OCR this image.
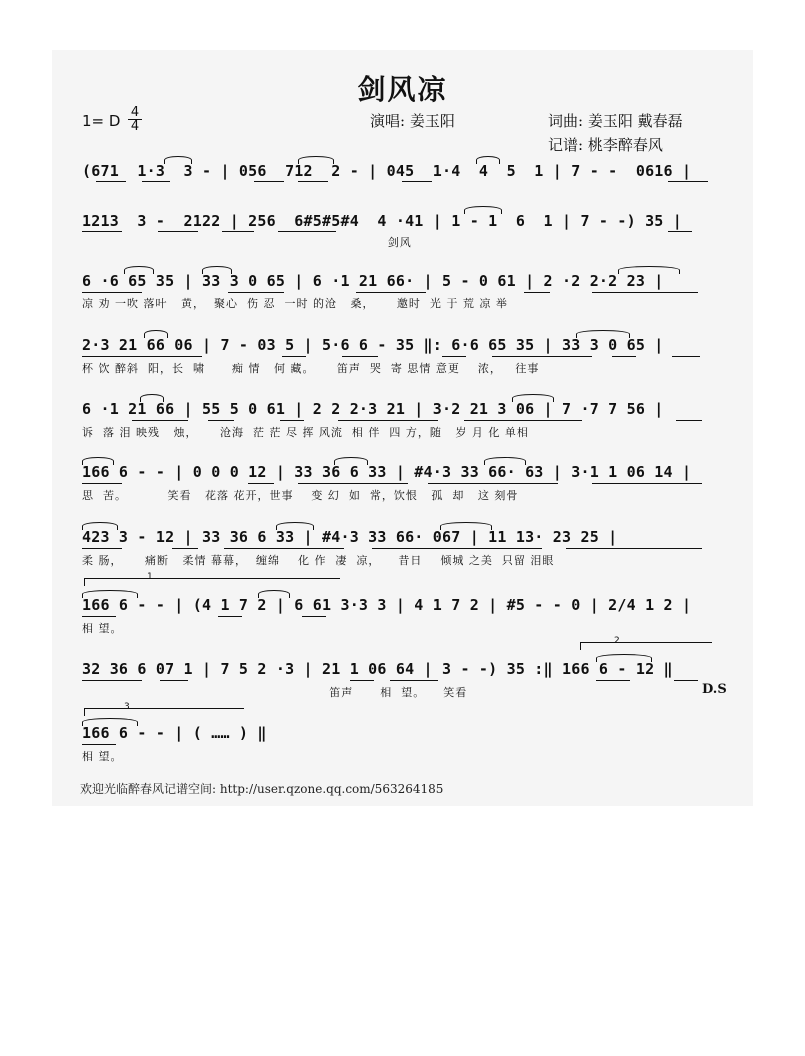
剑风凉
1= D 4
4	演唱: 姜玉阳	词曲: 姜玉阳 戴春磊
记谱: 桃李醉春风
(671  1·3  3 - | 056  712  2 - | 045  1·4  4  5  1 | 7 - -  0616 |
1213  3 -  2122 | 256  6#5#5#4  4 ·41 | 1 - 1  6  1 | 7 - -) 35 |
剑风
6 ·6 65 35 | 33 3 0 65 | 6 ·1 21 66· | 5 - 0 61 | 2 ·2 2·2 23 |
凉 劝 一吹 落叶   黄，  聚心  伤 忍  一时 的沧   桑，     邀时  光 于 荒 凉 举
2·3 21 66 06 | 7 - 03 5 | 5·6 6 - 35 ‖: 6·6 65 35 | 33 3 0 65 |
杯 饮 醉斜  阳，长  啸      痴 情   何 藏。     笛声  哭  寄 思情 意更    浓，   往事
6 ·1 21 66 | 55 5 0 61 | 2 2 2·3 21 | 3·2 21 3 06 | 7 ·7 7 56 |
诉  落 泪 映残   烛，     沧海  茫 茫 尽 挥 风流  相 伴  四 方，随   岁 月 化 单相
166 6 - - | 0 0 0 12 | 33 36 6 33 | #4·3 33 66· 63 | 3·1 1 06 14 |
思  苦。         笑看   花落 花开，世事    变 幻  如  常，饮恨   孤  却   这 刻骨
423 3 - 12 | 33 36 6 33 | #4·3 33 66· 067 | 11 13· 23 25 |
柔 肠，     痛断   柔情 幕幕，  缠绵    化 作  凄  凉，    昔日    倾城 之美  只留 泪眼
166 6 - - | (4 1 7 2 | 6 61 3·3 3 | 4 1 7 2 | #5 - - 0 | 2/4 1 2 |
相 望。
32 36 6 07 1 | 7 5 2 ·3 | 21 1 06 64 | 3 - -) 35 :‖ 166 6 - 12 ‖
笛声      相  望。    笑看	D.S
166 6 - - | ( …… ) ‖
相 望。
1
2
3
欢迎光临醉春风记谱空间: http://user.qzone.qq.com/563264185
